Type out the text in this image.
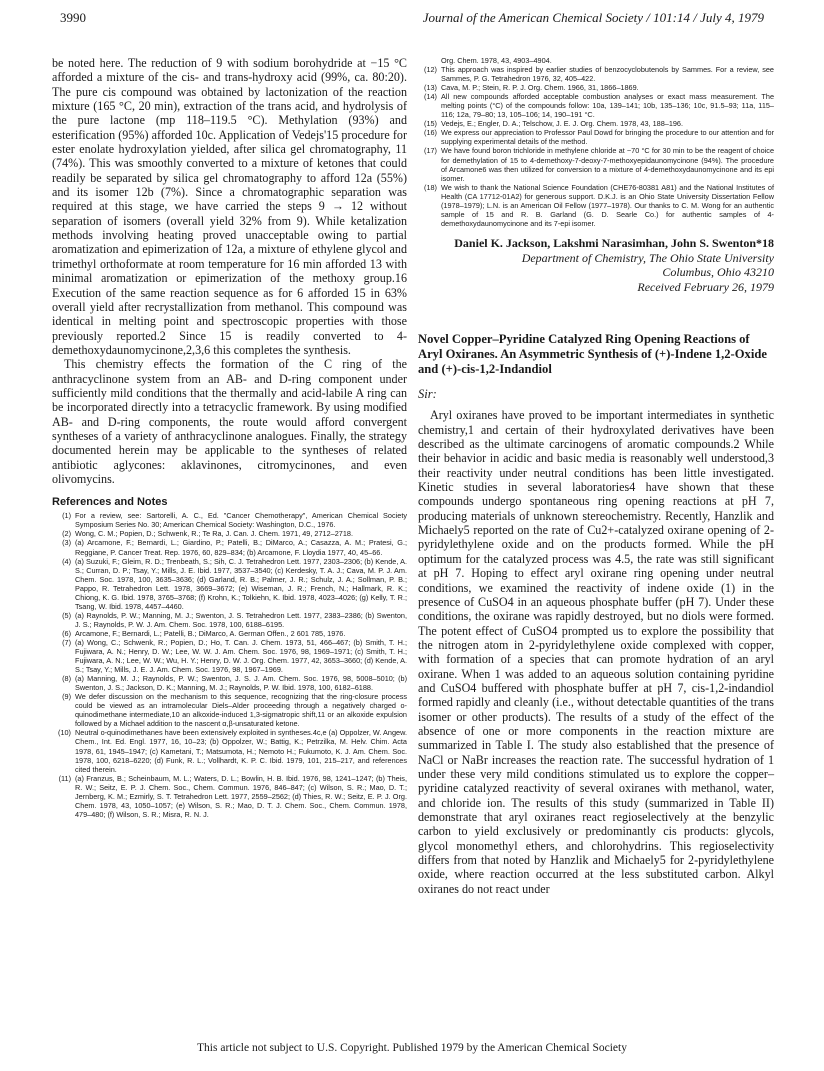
3990	Journal of the American Chemical Society / 101:14 / July 4, 1979

be noted here. The reduction of 9 with sodium borohydride at −15 °C afforded a mixture of the cis- and trans-hydroxy acid (99%, ca. 80:20). The pure cis compound was obtained by lactonization of the reaction mixture (165 °C, 20 min), extraction of the trans acid, and hydrolysis of the pure lactone (mp 118–119.5 °C). Methylation (93%) and esterification (95%) afforded 10c. Application of Vedejs'15 procedure for ester enolate hydroxylation yielded, after silica gel chromatography, 11 (74%). This was smoothly converted to a mixture of ketones that could readily be separated by silica gel chromatography to afford 12a (55%) and its isomer 12b (7%). Since a chromatographic separation was required at this stage, we have carried the steps 9 → 12 without separation of isomers (overall yield 32% from 9). While ketalization methods involving heating proved unacceptable owing to partial aromatization and epimerization of 12a, a mixture of ethylene glycol and trimethyl orthoformate at room temperature for 16 min afforded 13 with minimal aromatization or epimerization of the methoxy group.16 Execution of the same reaction sequence as for 6 afforded 15 in 63% overall yield after recrystallization from methanol. This compound was identical in melting point and spectroscopic properties with those previously reported.2 Since 15 is readily converted to 4-demethoxydaunomycinone,2,3,6 this completes the synthesis.

This chemistry effects the formation of the C ring of the anthracyclinone system from an AB- and D-ring component under sufficiently mild conditions that the thermally and acid-labile A ring can be incorporated directly into a tetracyclic framework. By using modified AB- and D-ring components, the route would afford convergent syntheses of a variety of anthracyclinone analogues. Finally, the strategy documented herein may be applicable to the syntheses of related antibiotic aglycones: aklavinones, citromycinones, and even olivomycins.

References and Notes
(1) For a review, see: Sartorelli, A. C., Ed. "Cancer Chemotherapy", American Chemical Society Symposium Series No. 30; American Chemical Society: Washington, D.C., 1976.
(2) Wong, C. M.; Popien, D.; Schwenk, R.; Te Ra, J. Can. J. Chem. 1971, 49, 2712–2718.
(3) (a) Arcamone, F.; Bernardi, L.; Giardino, P.; Patelli, B.; DiMarco, A.; Casazza, A. M.; Pratesi, G.; Reggiane, P. Cancer Treat. Rep. 1976, 60, 829–834; (b) Arcamone, F. Lloydia 1977, 40, 45–66.
(4) (a) Suzuki, F.; Gleim, R. D.; Trenbeath, S.; Sih, C. J. Tetrahedron Lett. 1977, 2303–2306; (b) Kende, A. S.; Curran, D. P.; Tsay, Y.; Mills, J. E. Ibid. 1977, 3537–3540; (c) Kerdesky, T. A. J.; Cava, M. P. J. Am. Chem. Soc. 1978, 100, 3635–3636; (d) Garland, R. B.; Palmer, J. R.; Schulz, J. A.; Sollman, P. B.; Pappo, R. Tetrahedron Lett. 1978, 3669–3672; (e) Wiseman, J. R.; French, N.; Hallmark, R. K.; Chiong, K. G. Ibid. 1978, 3765–3768; (f) Krohn, K.; Tolkiehn, K. Ibid. 1978, 4023–4026; (g) Kelly, T. R.; Tsang, W. Ibid. 1978, 4457–4460.
(5) (a) Raynolds, P. W.; Manning, M. J.; Swenton, J. S. Tetrahedron Lett. 1977, 2383–2386; (b) Swenton, J. S.; Raynolds, P. W. J. Am. Chem. Soc. 1978, 100, 6188–6195.
(6) Arcamone, F.; Bernardi, L.; Patelli, B.; DiMarco, A. German Offen., 2 601 785, 1976.
(7) (a) Wong, C.; Schwenk, R.; Popien, D.; Ho, T. Can. J. Chem. 1973, 51, 466–467; (b) Smith, T. H.; Fujiwara, A. N.; Henry, D. W.; Lee, W. W. J. Am. Chem. Soc. 1976, 98, 1969–1971; (c) Smith, T. H.; Fujiwara, A. N.; Lee, W. W.; Wu, H. Y.; Henry, D. W. J. Org. Chem. 1977, 42, 3653–3660; (d) Kende, A. S.; Tsay, Y.; Mills, J. E. J. Am. Chem. Soc. 1976, 98, 1967–1969.
(8) (a) Manning, M. J.; Raynolds, P. W.; Swenton, J. S. J. Am. Chem. Soc. 1976, 98, 5008–5010; (b) Swenton, J. S.; Jackson, D. K.; Manning, M. J.; Raynolds, P. W. Ibid. 1978, 100, 6182–6188.
(9) We defer discussion on the mechanism to this sequence, recognizing that the ring-closure process could be viewed as an intramolecular Diels–Alder proceeding through a negatively charged o-quinodimethane intermediate,10 an alkoxide-induced 1,3-sigmatropic shift,11 or an alkoxide expulsion followed by a Michael addition to the nascent α,β-unsaturated ketone.
(10) Neutral o-quinodimethanes have been extensively exploited in syntheses.4c,e (a) Oppolzer, W. Angew. Chem., Int. Ed. Engl. 1977, 16, 10–23; (b) Oppolzer, W.; Battig, K.; Petrzilka, M. Helv. Chim. Acta 1978, 61, 1945–1947; (c) Kametani, T.; Matsumota, H.; Nemoto H.; Fukumoto, K. J. Am. Chem. Soc. 1978, 100, 6218–6220; (d) Funk, R. L.; Vollhardt, K. P. C. Ibid. 1979, 101, 215–217, and references cited therein.
(11) (a) Franzus, B.; Scheinbaum, M. L.; Waters, D. L.; Bowlin, H. B. Ibid. 1976, 98, 1241–1247; (b) Theis, R. W.; Seitz, E. P. J. Chem. Soc., Chem. Commun. 1976, 846–847; (c) Wilson, S. R.; Mao, D. T.; Jernberg, K. M.; Ezmirly, S. T. Tetrahedron Lett. 1977, 2559–2562; (d) Thies, R. W.; Seitz, E. P. J. Org. Chem. 1978, 43, 1050–1057; (e) Wilson, S. R.; Mao, D. T. J. Chem. Soc., Chem. Commun. 1978, 479–480; (f) Wilson, S. R.; Misra, R. N. J.
Org. Chem. 1978, 43, 4903–4904.
(12) This approach was inspired by earlier studies of benzocyclobutenols by Sammes. For a review, see Sammes, P. G. Tetrahedron 1976, 32, 405–422.
(13) Cava, M. P.; Stein, R. P. J. Org. Chem. 1966, 31, 1866–1869.
(14) All new compounds afforded acceptable combustion analyses or exact mass measurement. The melting points (°C) of the compounds follow: 10a, 139–141; 10b, 135–136; 10c, 91.5–93; 11a, 115–116; 12a, 79–80; 13, 105–106; 14, 190–191 °C.
(15) Vedejs, E.; Engler, D. A.; Telschow, J. E. J. Org. Chem. 1978, 43, 188–196.
(16) We express our appreciation to Professor Paul Dowd for bringing the procedure to our attention and for supplying experimental details of the method.
(17) We have found boron trichloride in methylene chloride at −70 °C for 30 min to be the reagent of choice for demethylation of 15 to 4-demethoxy-7-deoxy-7-methoxyepidaunomycinone (94%). The procedure of Arcamone6 was then utilized for conversion to a mixture of 4-demethoxydaunomycinone and its epi isomer.
(18) We wish to thank the National Science Foundation (CHE76-80381 A81) and the National Institutes of Health (CA 17712-01A2) for generous support. D.K.J. is an Ohio State University Dissertation Fellow (1978–1979); L.N. is an American Oil Fellow (1977–1978). Our thanks to C. M. Wong for an authentic sample of 15 and R. B. Garland (G. D. Searle Co.) for authentic samples of 4-demethoxydaunomycinone and its 7-epi isomer.
Daniel K. Jackson, Lakshmi Narasimhan, John S. Swenton*18
Department of Chemistry, The Ohio State University
Columbus, Ohio 43210
Received February 26, 1979
Novel Copper–Pyridine Catalyzed Ring Opening Reactions of Aryl Oxiranes. An Asymmetric Synthesis of (+)-Indene 1,2-Oxide and (+)-cis-1,2-Indandiol
Sir:

Aryl oxiranes have proved to be important intermediates in synthetic chemistry,1 and certain of their hydroxylated derivatives have been described as the ultimate carcinogens of aromatic compounds.2 While their behavior in acidic and basic media is reasonably well understood,3 their reactivity under neutral conditions has been little investigated. Kinetic studies in several laboratories4 have shown that these compounds undergo spontaneous ring opening reactions at pH 7, producing materials of unknown stereochemistry. Recently, Hanzlik and Michaely5 reported on the rate of Cu2+-catalyzed oxirane opening of 2-pyridylethylene oxide and on the products formed. While the pH optimum for the catalyzed process was 4.5, the rate was still significant at pH 7. Hoping to effect aryl oxirane ring opening under neutral conditions, we examined the reactivity of indene oxide (1) in the presence of CuSO4 in an aqueous phosphate buffer (pH 7). Under these conditions, the oxirane was rapidly destroyed, but no diols were formed. The potent effect of CuSO4 prompted us to explore the possibility that the nitrogen atom in 2-pyridylethylene oxide complexed with copper, with formation of a species that can promote hydration of an aryl oxirane. When 1 was added to an aqueous solution containing pyridine and CuSO4 buffered with phosphate buffer at pH 7, cis-1,2-indandiol formed rapidly and cleanly (i.e., without detectable quantities of the trans isomer or other products). The results of a study of the effect of the absence of one or more components in the reaction mixture are summarized in Table I. The study also established that the presence of NaCl or NaBr increases the reaction rate. The successful hydration of 1 under these very mild conditions stimulated us to explore the copper–pyridine catalyzed reactivity of several oxiranes with methanol, water, and chloride ion. The results of this study (summarized in Table II) demonstrate that aryl oxiranes react regioselectively at the benzylic carbon to yield exclusively or predominantly cis products: glycols, glycol monomethyl ethers, and chlorohydrins. This regioselectivity differs from that noted by Hanzlik and Michaely5 for 2-pyridylethylene oxide, where reaction occurred at the less substituted carbon. Alkyl oxiranes do not react under

This article not subject to U.S. Copyright. Published 1979 by the American Chemical Society
